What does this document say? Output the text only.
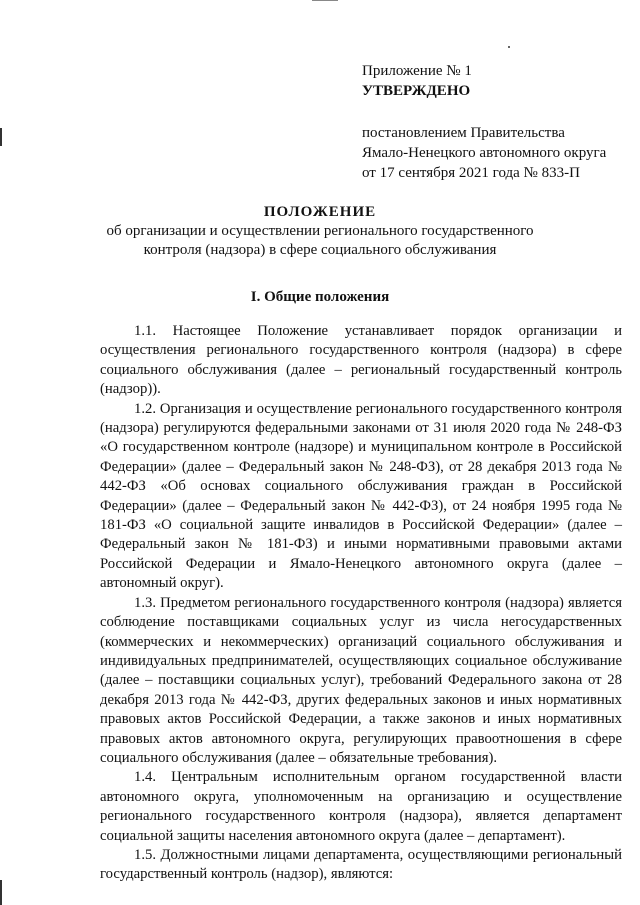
Приложение № 1
УТВЕРЖДЕНО
постановлением Правительства
Ямало-Ненецкого автономного округа
от 17 сентября 2021 года № 833-П
ПОЛОЖЕНИЕ
об организации и осуществлении регионального государственного контроля (надзора) в сфере социального обслуживания
I. Общие положения

1.1. Настоящее Положение устанавливает порядок организации и осуществления регионального государственного контроля (надзора) в сфере социального обслуживания (далее – региональный государственный контроль (надзор)).

1.2. Организация и осуществление регионального государственного контроля (надзора) регулируются федеральными законами от 31 июля 2020 года № 248-ФЗ «О государственном контроле (надзоре) и муниципальном контроле в Российской Федерации» (далее – Федеральный закон № 248-ФЗ), от 28 декабря 2013 года № 442-ФЗ «Об основах социального обслуживания граждан в Российской Федерации» (далее – Федеральный закон № 442-ФЗ), от 24 ноября 1995 года № 181-ФЗ «О социальной защите инвалидов в Российской Федерации» (далее – Федеральный закон № 181-ФЗ) и иными нормативными правовыми актами Российской Федерации и Ямало-Ненецкого автономного округа (далее – автономный округ).

1.3. Предметом регионального государственного контроля (надзора) является соблюдение поставщиками социальных услуг из числа негосударственных (коммерческих и некоммерческих) организаций социального обслуживания и индивидуальных предпринимателей, осуществляющих социальное обслуживание (далее – поставщики социальных услуг), требований Федерального закона от 28 декабря 2013 года № 442-ФЗ, других федеральных законов и иных нормативных правовых актов Российской Федерации, а также законов и иных нормативных правовых актов автономного округа, регулирующих правоотношения в сфере социального обслуживания (далее – обязательные требования).

1.4. Центральным исполнительным органом государственной власти автономного округа, уполномоченным на организацию и осуществление регионального государственного контроля (надзора), является департамент социальной защиты населения автономного округа (далее – департамент).

1.5. Должностными лицами департамента, осуществляющими региональный государственный контроль (надзор), являются:
